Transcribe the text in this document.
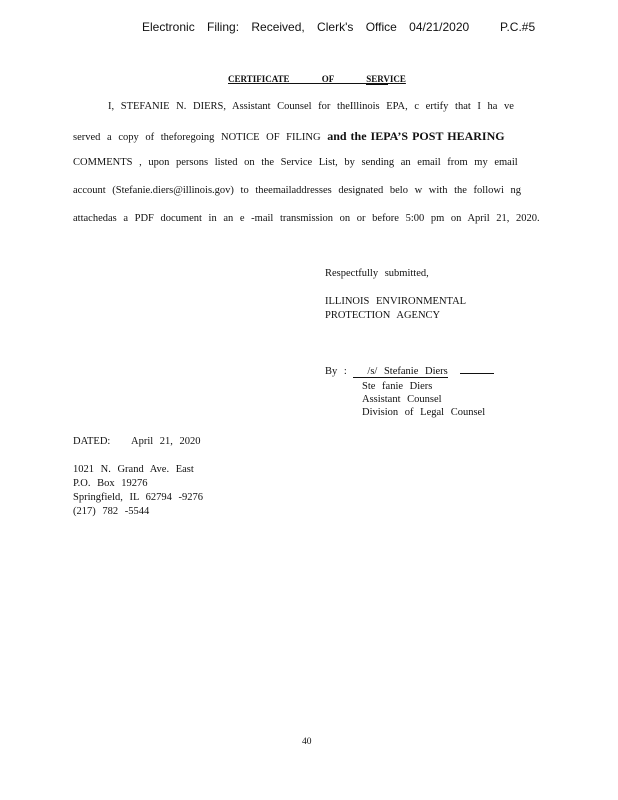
Electronic Filing: Received, Clerk's Office 04/21/2020	P.C.#5
CERTIFICATE OF SERVICE
I, STEFANIE N. DIERS, Assistant Counsel for theIllinois EPA, c ertify that I ha ve
served a copy of theforegoing NOTICE OF FILING and the IEPA’S POST HEARING
COMMENTS , upon persons listed on the Service List, by sending an email from my email
account (Stefanie.diers@illinois.gov) to theemailaddresses designated belo w with the followi ng
attachedas a PDF document in an e -mail transmission on or before 5:00 pm on April 21, 2020.
Respectfully submitted,
ILLINOIS ENVIRONMENTAL
PROTECTION AGENCY
By : /s/ Stefanie Diers
Ste fanie Diers
Assistant Counsel
Division of Legal Counsel
DATED: April 21, 2020
1021 N. Grand Ave. East
P.O. Box 19276
Springfield, IL 62794 -9276
(217) 782 -5544
40
